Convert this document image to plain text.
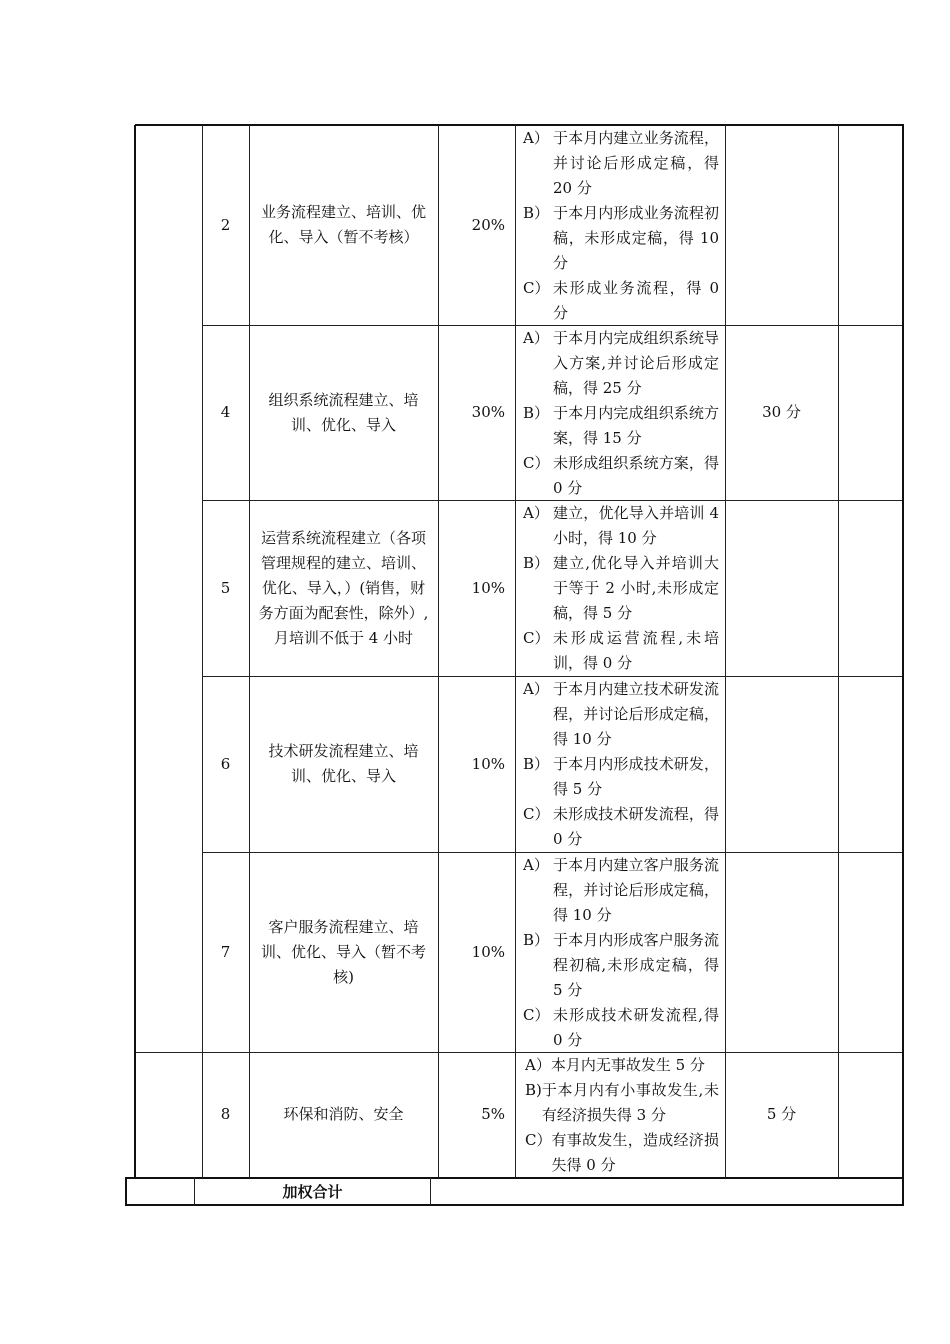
2
业务流程建立、培训、优化、导入（暂不考核）
20%
A） 于本月内建立业务流程，并讨论后形成定稿，得 20 分
B） 于本月内形成业务流程初稿，未形成定稿，得 10 分
C） 未形成业务流程，得 0 分
4
组织系统流程建立、培训、优化、导入
30%
A） 于本月内完成组织系统导入方案,并讨论后形成定稿，得 25 分
B） 于本月内完成组织系统方案，得 15 分
C） 未形成组织系统方案，得 0 分
30 分
5
运营系统流程建立（各项管理规程的建立、培训、优化、导入，）(销售，财务方面为配套性，除外）,月培训不低于 4 小时
10%
A） 建立，优化导入并培训 4 小时，得 10 分
B） 建立,优化导入并培训大于等于 2 小时,未形成定稿，得 5 分
C） 未形成运营流程,未培训，得 0 分
6
技术研发流程建立、培训、优化、导入
10%
A） 于本月内建立技术研发流程，并讨论后形成定稿，得 10 分
B） 于本月内形成技术研发，得 5 分
C） 未形成技术研发流程，得 0 分
7
客户服务流程建立、培训、优化、导入（暂不考核)
10%
A） 于本月内建立客户服务流程，并讨论后形成定稿，得 10 分
B） 于本月内形成客户服务流程初稿,未形成定稿，得 5 分
C） 未形成技术研发流程,得 0 分
8	环保和消防、安全	5%
A） 本月内无事故发生 5 分
B) 于本月内有小事故发生,未有经济损失得 3 分
C） 有事故发生，造成经济损失得 0 分
5 分
加权合计
